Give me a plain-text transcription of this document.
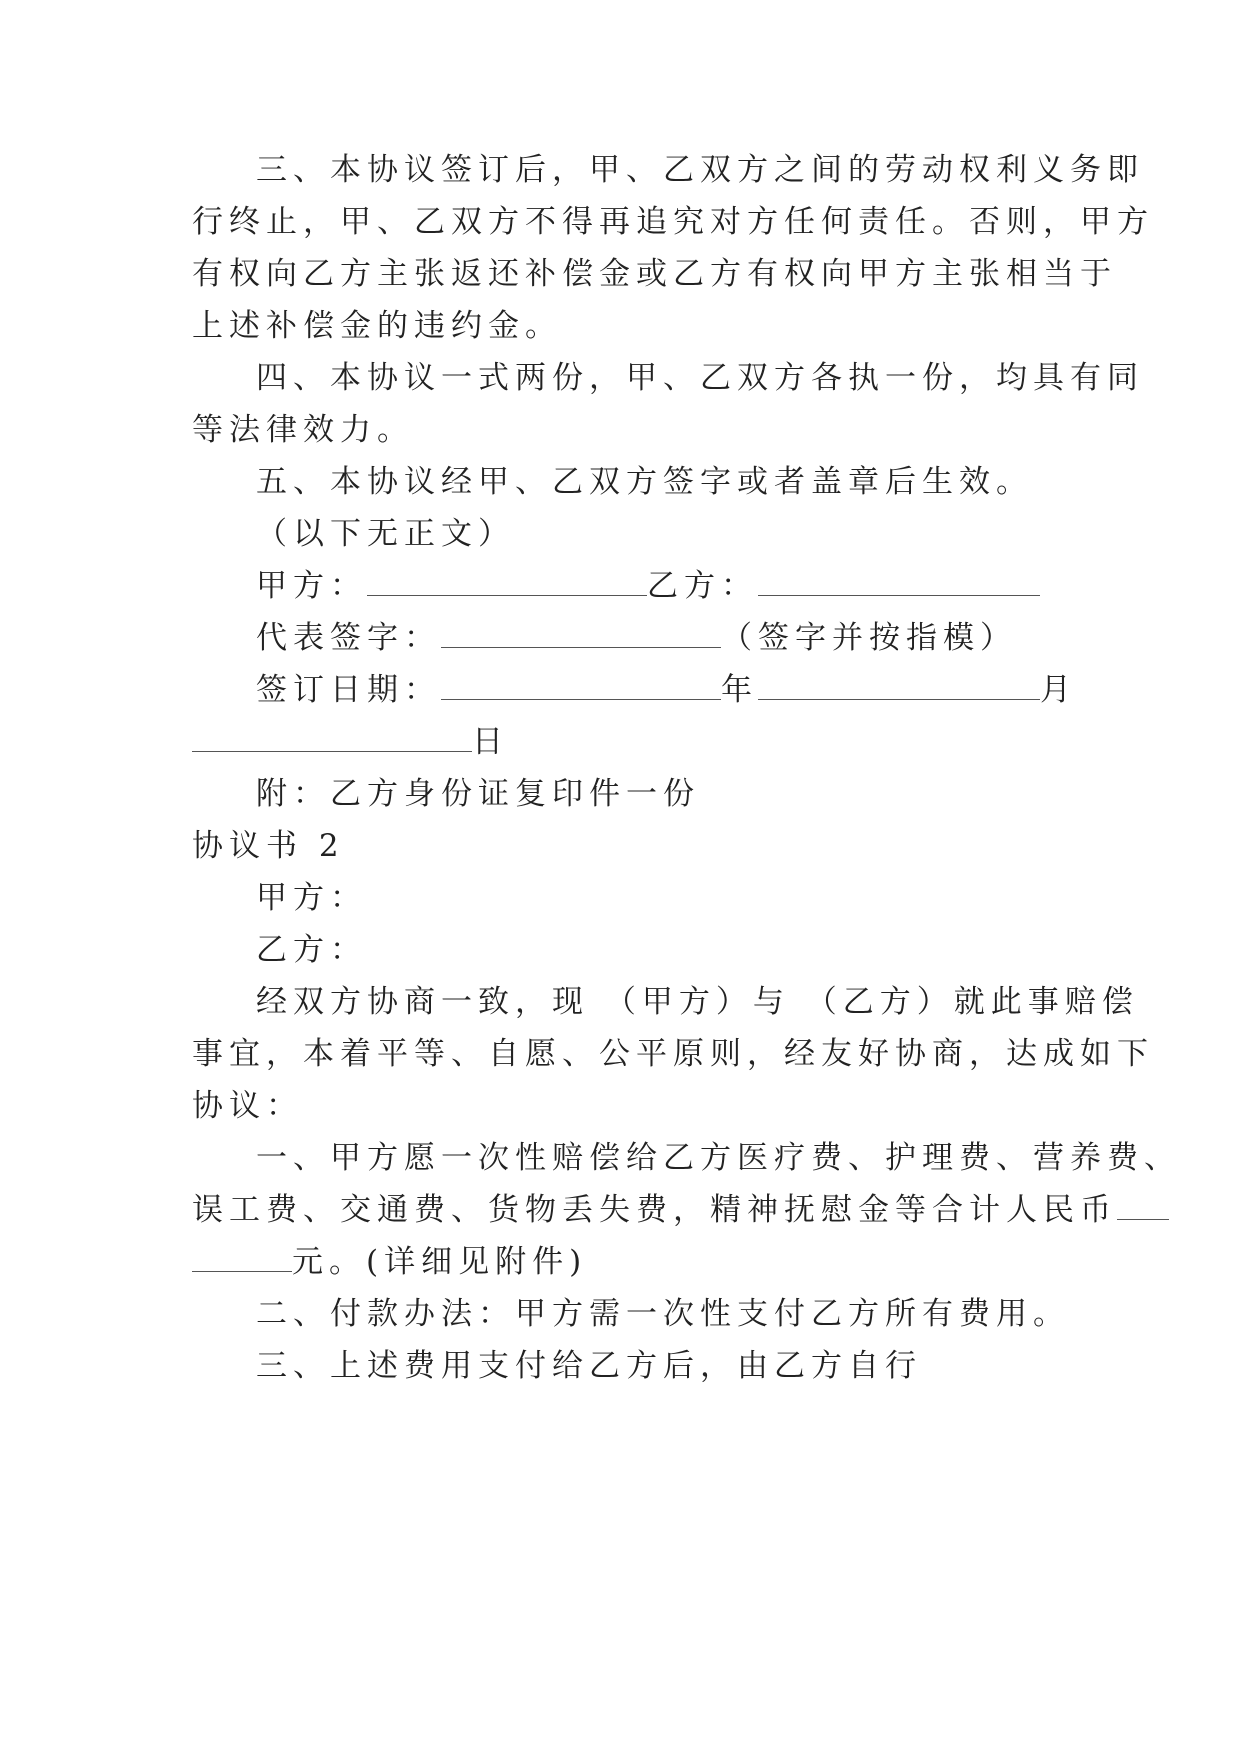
三、本协议签订后，甲、乙双方之间的劳动权利义务即
行终止，甲、乙双方不得再追究对方任何责任。否则，甲方
有权向乙方主张返还补偿金或乙方有权向甲方主张相当于
上述补偿金的违约金。
四、本协议一式两份，甲、乙双方各执一份，均具有同
等法律效力。
五、本协议经甲、乙双方签字或者盖章后生效。
（以下无正文）
甲方：	乙方：
代表签字：	（签字并按指模）
签订日期：	年	月
日
附：乙方身份证复印件一份
协议书 2
甲方：
乙方：
经双方协商一致，现 （甲方）与 （乙方）就此事赔偿
事宜，本着平等、自愿、公平原则，经友好协商，达成如下
协议：
一、甲方愿一次性赔偿给乙方医疗费、护理费、营养费、
误工费、交通费、货物丢失费，精神抚慰金等合计人民币
元。(详细见附件)
二、付款办法：甲方需一次性支付乙方所有费用。
三、上述费用支付给乙方后，由乙方自行
